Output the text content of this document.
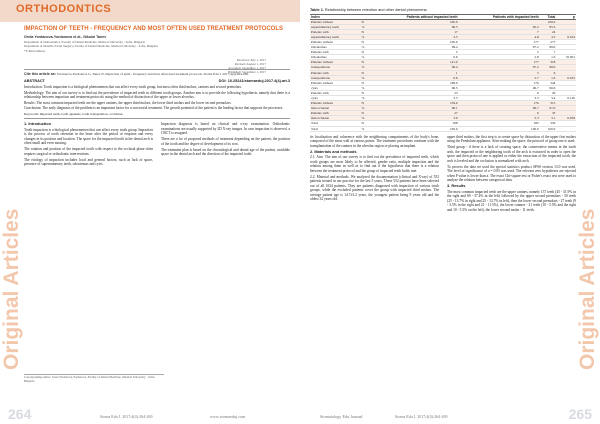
ORTHODONTICS
Original Articles
IMPACTION OF TEETH - FREQUENCY AND MOST OFTEN USED TREATMENT PROTOCOLS
Greta Yordanova-Yordanova et al., Nikolai Tanev
Department of Orthodontics, Faculty of Dental Medicine, Medical University - Sofia, Bulgaria
Department of Maxillo-Facial Surgery, Faculty of Dental Medicine, Medical University - Sofia, Bulgaria
*E-Mail address
Cite this article as: Yordanova-Yordanova G, Tanev N. Impaction of teeth - frequency and most often used treatment protocols. Stoma Edu J. 2017;4(4):264-269.
ABSTRACT	DOI: 10.25241/stomaeduj.2017.4(4).art.3

Introduction: Tooth impaction is a biological phenomenon that can affect every tooth group, but most often third molars, canines and second premolars.

Methodology: The aim of our survey is to find out the prevalence of impacted teeth in different tooth groups. Another aim is to provide the following hypothesis, namely that there is a relationship between impaction and treatment protocols using the method of distraction of the upper or lower alveolus.

Results: The most common impacted teeth are the upper canines, the upper third molars, the lower third molars and the lower second premolars.

Conclusion: The early diagnosis of the problem is an important factor for a successful treatment. The growth potential of the patient is the leading factor that supports the processes.

Keywords: impacted teeth, tooth agenesis, tooth transposition, occlusion.
1. Introduction

Tooth impaction is a biological phenomenon that can affect every tooth group. Impaction is the process of tooth retention in the bone after the period of eruption and every changes in its position and location. The space for the impacted tooth in the dental arch is often small and even missing.

The rotation and position of the impacted tooth with respect to the occlusal plane often requires surgical or orthodontic interventions.

The etiology of impaction includes local and general factors, such as lack of space, presence of supernumerary teeth, odontomas and cysts.

Impaction diagnosis is based on clinical and x-ray examination. Orthodontic examinations are usually supported by 2D X-ray images. In case impaction is observed, a CBCT is assigned.

There are a lot of proposed methods of treatment depending on the patient, the position of the tooth and the degree of development of its root.

The treatment plan is based on the chronological and dental age of the patient, available space in the dental arch and the direction of the impacted tooth.

Received: July 1, 2017
Revised: August 1, 2017
Accepted: September 1, 2017
Published: September 1, 2017
Corresponding author: Greta Yordanova-Yordanova, Faculty of Dental Medicine, Medical University - Sofia, Bulgaria
264	Stoma Edu J. 2017;4(4):264-269	www.stomaeduj.com
Original Articles
Table 1. Relationship between retention and other dental phenomena
Index		Patients without impacted teeth	Patients with impacted teeth	Total	p
Patients without	N	100.0		100.0	
supernumerary teeth	%	96.5	95.2	95.5	
Patients with	N	17	7	24	
supernumerary teeth	%	3.5	4.8	4.5	0.014
Patients without	N	100.0	177	277	
Odontomas	%	99.4	97.2	99.0	
Patients with	N	2	5	7	
Odontomas	%	0.6	2.8	1.0	<0.001
Patients without	N	141.0	177	318	
transpositions	%	99.4	97.2	99.0	
Patients with	N	1	5	6	
transpositions	%	0.6	2.7	1.0	0.015
Patients without	N	168.0	176	344	
cysts	%	96.5	96.7	96.6	
Patients with	N	23	6	29	
cysts	%	3.5	3.3	3.4	0.120
Patients without	N	139.0	176	315	
malocclusion	%	96.1	96.7	97.0	
Patients with	N	27	6	33	
malocclusion	%	3.9	3.3	3.1	0.059
Total	N	168	182	350	
Total	%	100.0	100.0	100.0	

its localization and coherence with the neighboring compartments of the body's bone, composed of the sinus wall at various points. The treatment procedures continue with the transplantation of the canines in the alveolar region or placing an implant.

2. Materials and methods

2.1. Aim. The aim of our survey is to find out the prevalence of impacted teeth, which tooth groups are most likely to be affected, gender ratio, multiple impaction and the relation among them as well as to find out if the hypothesis that there is a relation between the treatment protocol and the group of impacted teeth holds true.

2.2. Material and methods. We analyzed the documentation (clinical and X-ray) of 552 patients treated in our practice for the last 5 years. These 552 patients have been selected out of all 1634 patients. They are patients diagnosed with impaction of various tooth groups, while the excluded patients cover the group with impacted third molars. The average patient age is 14.7±3.2 years, the youngest patient being 9 years old and the oldest 32 years old.

upper third molars, the first step is to create space by distraction of the upper first molars using the Pendulum appliance. After making the space, the protocol of group one is used.

Third group - if there is a lack of creating space, the conservative means in the tooth arch, the impacted or the neighboring tooth of the arch is extracted in order to open the space and then protocol one is applied or either the extraction of the impacted tooth, the arch is leveled and the occlusion is normalized with arch.

To process the data we used the special statistics product SPSS version 13.0 was used. The level of significance of a = 0.05 was used. The relevant zero hypotheses are rejected when P value is lower than a. The exact Chi-square test or Fisher's exact test were used to analyze the relation between categorical data.

3. Results

The most common impacted teeth are the upper canines, namely 137 teeth (45 - 31.9% in the right and 69 - 37.4% in the left) followed by the upper second premolars - 50 teeth (25 - 13.7% in right and 25 - 13.7% in left), then the lower second premolars - 27 teeth (9 - 3.5% in the right and 21 - 11.5%), the lower canines - 21 teeth (10 - 5.5% and the right and 10 - 5.5% on the left), the lower second molar - 11 teeth.

Stomatology Edu Journal	Stoma Edu J. 2017;4(4):264-269	265
